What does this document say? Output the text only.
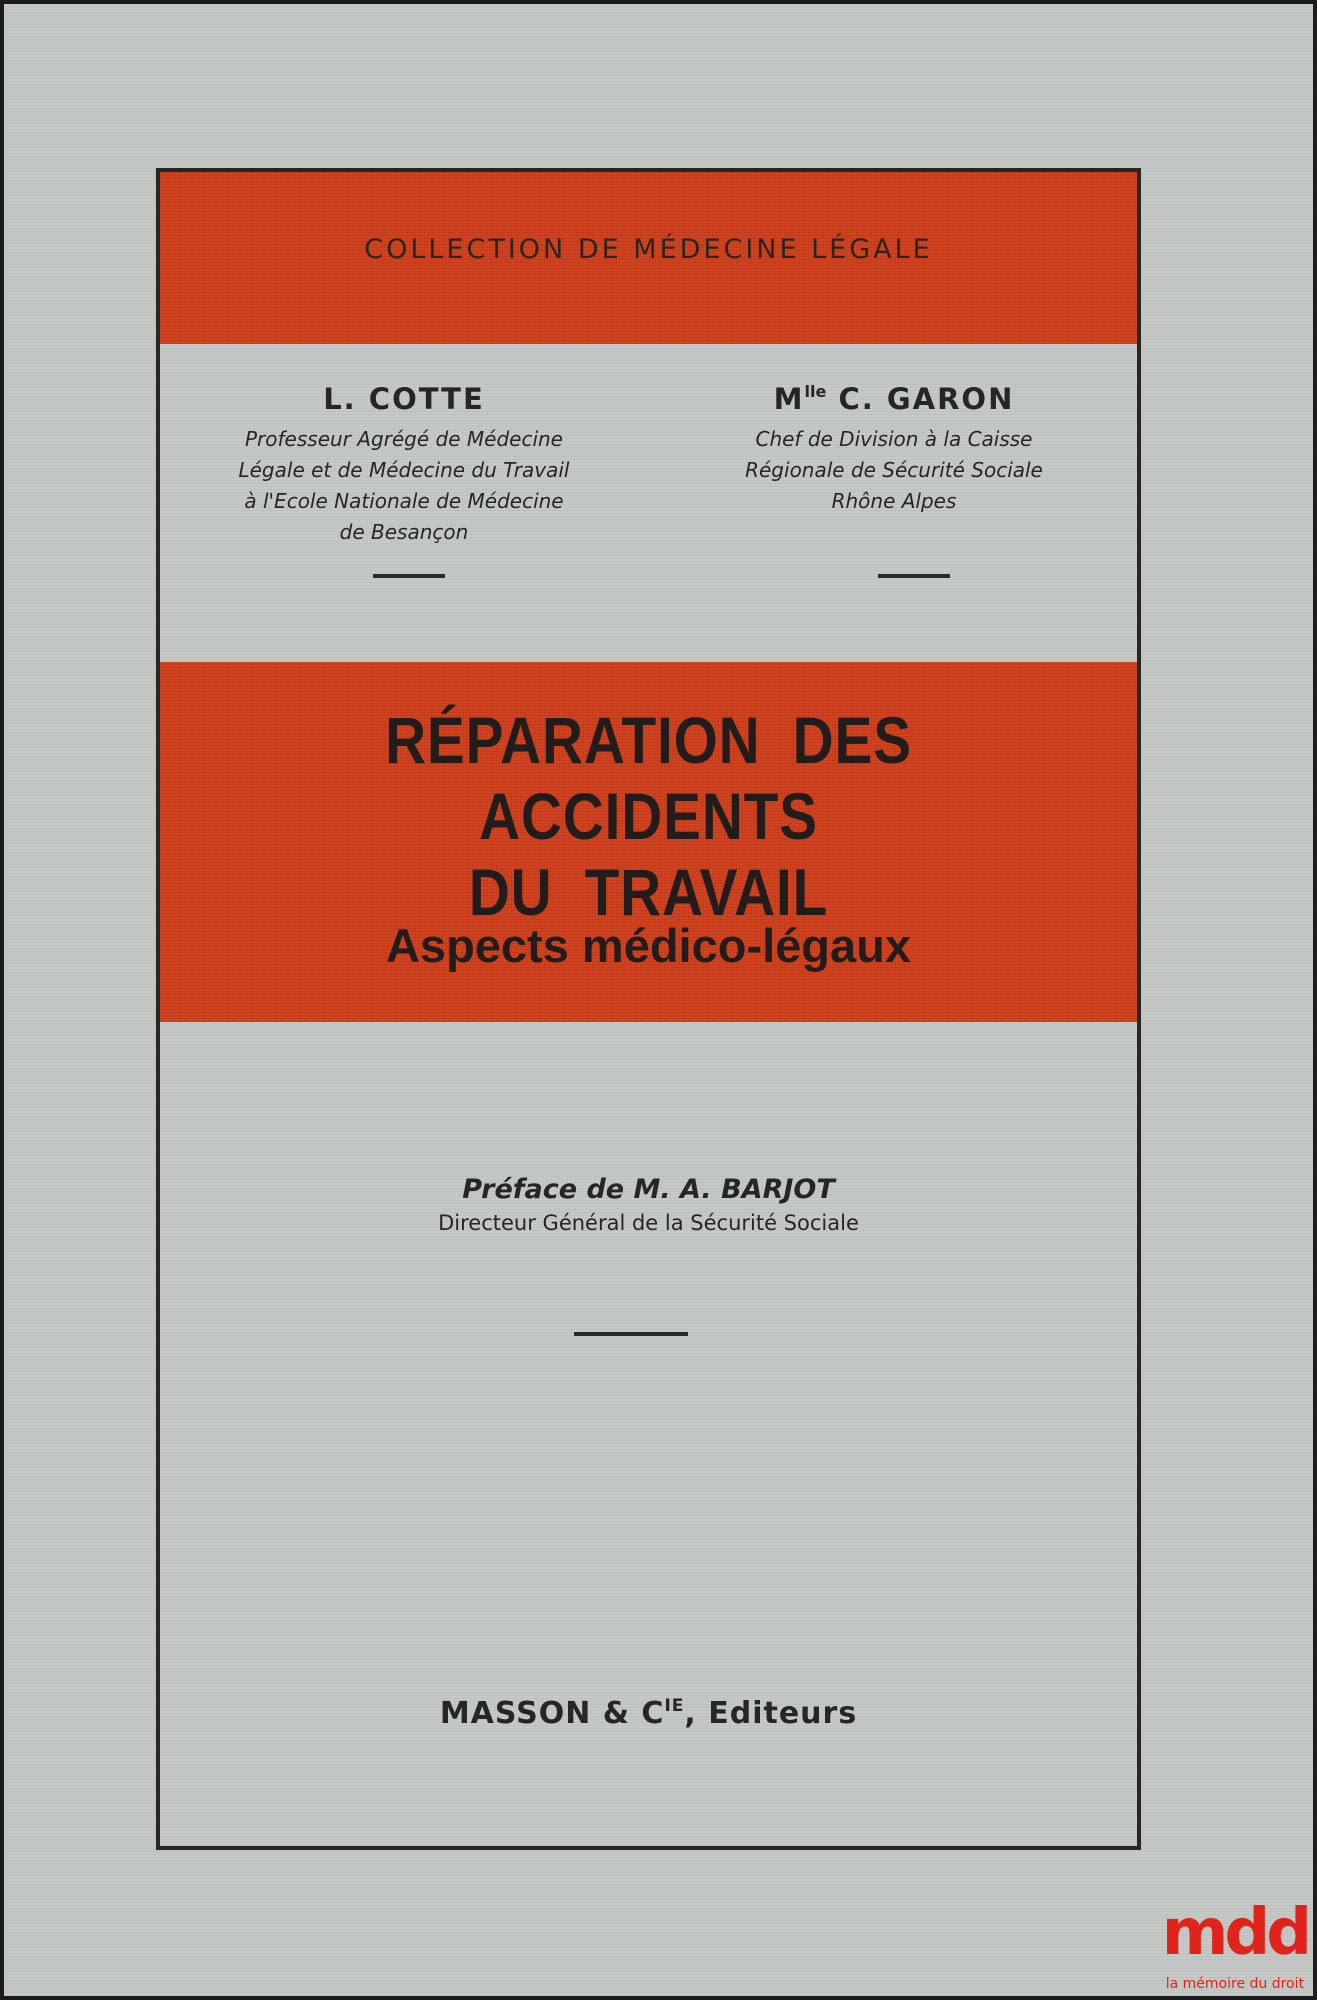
COLLECTION DE MÉDECINE LÉGALE
L. COTTE
Professeur Agrégé de Médecine
Légale et de Médecine du Travail
à l'Ecole Nationale de Médecine
de Besançon
$M^{lle}$ C. GARON
Chef de Division à la Caisse
Régionale de Sécurité Sociale
Rhône Alpes
RÉPARATION DES ACCIDENTS
DU TRAVAIL
Aspects médico-légaux
Préface de M. A. BARJOT
Directeur Général de la Sécurité Sociale
MASSON & $C^{IE}$, Editeurs
mdd
la mémoire du droit
